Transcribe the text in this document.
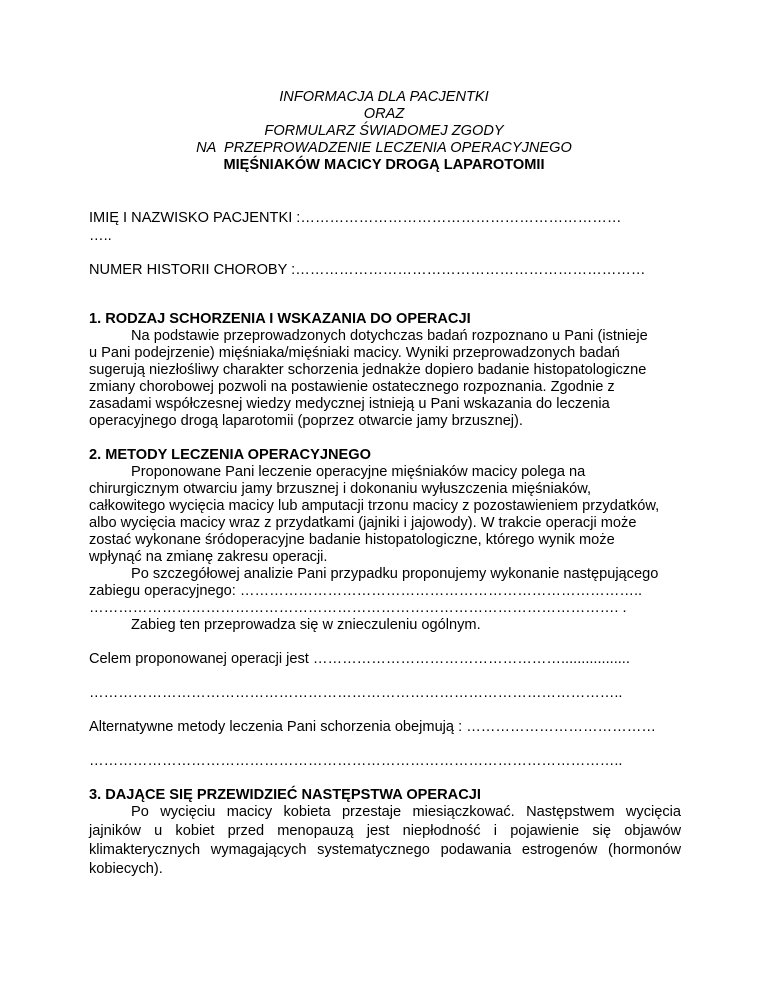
INFORMACJA DLA PACJENTKI

ORAZ

FORMULARZ ŚWIADOMEJ ZGODY

NA  PRZEPROWADZENIE LECZENIA OPERACYJNEGO

MIĘŚNIAKÓW MACICY DROGĄ LAPAROTOMII

IMIĘ I NAZWISKO PACJENTKI :…………………………………………………………

…..

NUMER HISTORII CHOROBY :………………………………………………………………

1. RODZAJ SCHORZENIA I WSKAZANIA DO OPERACJI

Na podstawie przeprowadzonych dotychczas badań rozpoznano u Pani (istnieje

u Pani podejrzenie) mięśniaka/mięśniaki macicy. Wyniki przeprowadzonych badań

sugerują niezłośliwy charakter schorzenia jednakże dopiero badanie histopatologiczne

zmiany chorobowej pozwoli na postawienie ostatecznego rozpoznania. Zgodnie z

zasadami współczesnej wiedzy medycznej istnieją u Pani wskazania do leczenia

operacyjnego drogą laparotomii (poprzez otwarcie jamy brzusznej).

2. METODY LECZENIA OPERACYJNEGO

Proponowane Pani leczenie operacyjne mięśniaków macicy polega na

chirurgicznym otwarciu jamy brzusznej i dokonaniu wyłuszczenia mięśniaków,

całkowitego wycięcia macicy lub amputacji trzonu macicy z pozostawieniem przydatków,

albo wycięcia macicy wraz z przydatkami (jajniki i jajowody). W trakcie operacji może

zostać wykonane śródoperacyjne badanie histopatologiczne, którego wynik może

wpłynąć na zmianę zakresu operacji.

Po szczegółowej analizie Pani przypadku proponujemy wykonanie następującego

zabiegu operacyjnego: ………………………………………………………………………..

………………………………………………………………………………………………. .

Zabieg ten przeprowadza się w znieczuleniu ogólnym.

Celem proponowanej operacji jest …………………………………………….................

………………………………………………………………………………………………..

Alternatywne metody leczenia Pani schorzenia obejmują : …………………………………

………………………………………………………………………………………………..

3. DAJĄCE SIĘ PRZEWIDZIEĆ NASTĘPSTWA OPERACJI

Po wycięciu macicy kobieta przestaje miesiączkować. Następstwem wycięcia jajników u kobiet przed menopauzą jest niepłodność i pojawienie się objawów klimakterycznych wymagających systematycznego podawania estrogenów (hormonów kobiecych).
